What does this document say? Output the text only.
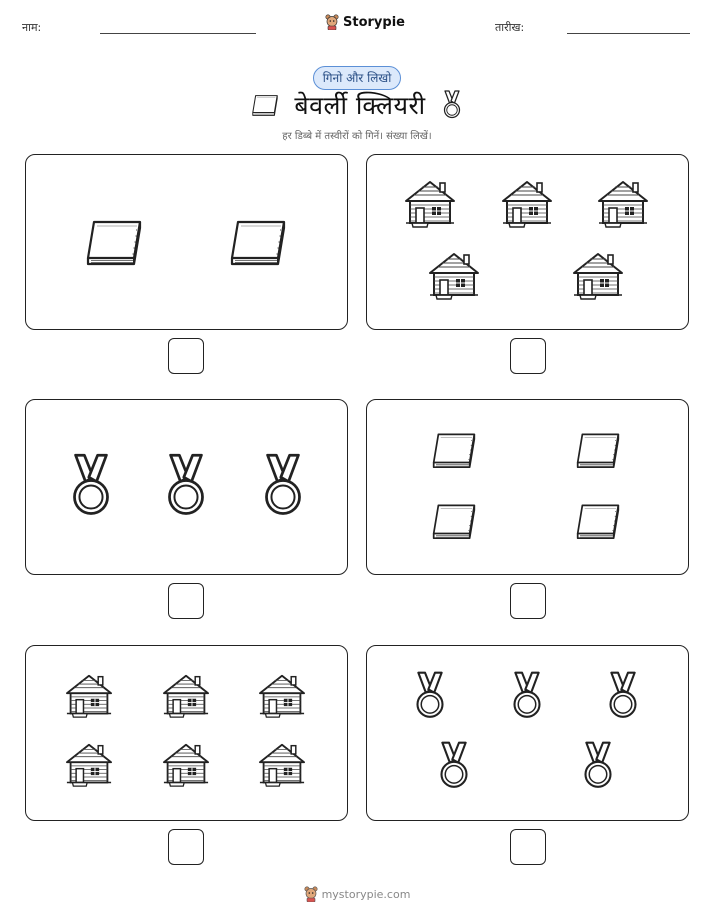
नाम:	Storypie	तारीख:
गिनो और लिखो
बेवर्ली क्लियरी
हर डिब्बे में तस्वीरों को गिनें। संख्या लिखें।
mystorypie.com
